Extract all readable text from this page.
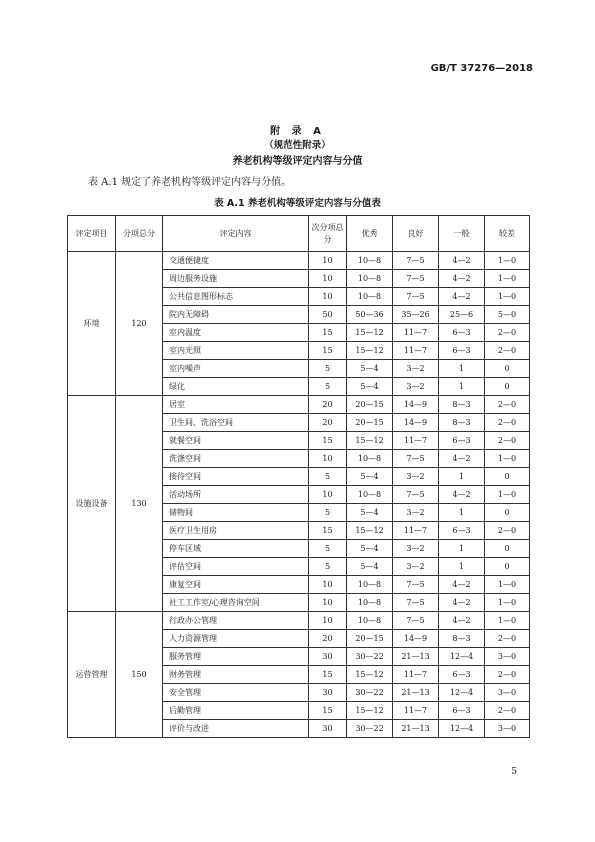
GB/T 37276—2018
附 录 A
（规范性附录）
养老机构等级评定内容与分值
表 A.1 规定了养老机构等级评定内容与分值。
表 A.1 养老机构等级评定内容与分值表
评定项目	分项总分	评定内容	次分项总分	优秀	良好	一般	较差
环境	120	交通便捷度	10	10—8	7—5	4—2	1—0
		周边服务设施	10	10—8	7—5	4—2	1—0
		公共信息图形标志	10	10—8	7—5	4—2	1—0
		院内无障碍	50	50—36	35—26	25—6	5—0
		室内温度	15	15—12	11—7	6—3	2—0
		室内光照	15	15—12	11—7	6—3	2—0
		室内噪声	5	5—4	3—2	1	0
		绿化	5	5—4	3—2	1	0
设施设备	130	居室	20	20—15	14—9	8—3	2—0
		卫生间、洗浴空间	20	20—15	14—9	8—3	2—0
		就餐空间	15	15—12	11—7	6—3	2—0
		洗涤空间	10	10—8	7—5	4—2	1—0
		接待空间	5	5—4	3—2	1	0
		活动场所	10	10—8	7—5	4—2	1—0
		储物间	5	5—4	3—2	1	0
		医疗卫生用房	15	15—12	11—7	6—3	2—0
		停车区域	5	5—4	3—2	1	0
		评估空间	5	5—4	3—2	1	0
		康复空间	10	10—8	7—5	4—2	1—0
		社工工作室/心理咨询空间	10	10—8	7—5	4—2	1—0
运营管理	150	行政办公管理	10	10—8	7—5	4—2	1—0
		人力资源管理	20	20—15	14—9	8—3	2—0
		服务管理	30	30—22	21—13	12—4	3—0
		财务管理	15	15—12	11—7	6—3	2—0
		安全管理	30	30—22	21—13	12—4	3—0
		后勤管理	15	15—12	11—7	6—3	2—0
		评价与改进	30	30—22	21—13	12—4	3—0
5
